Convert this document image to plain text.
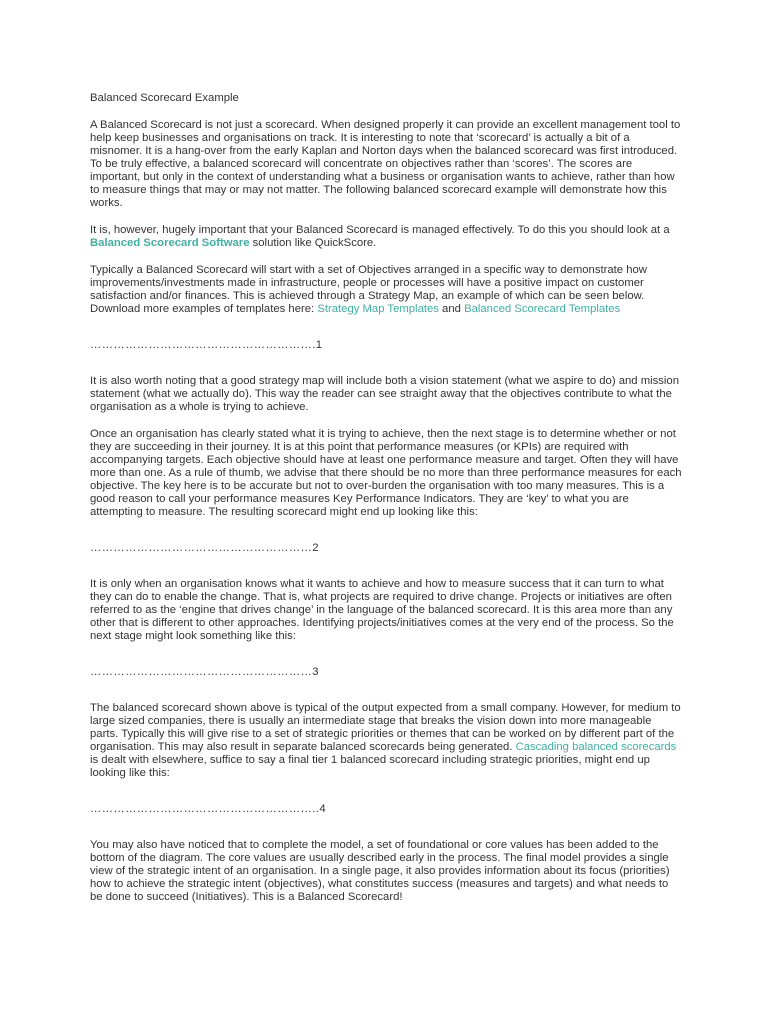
Balanced Scorecard Example

A Balanced Scorecard is not just a scorecard. When designed properly it can provide an excellent management tool to help keep businesses and organisations on track. It is interesting to note that ‘scorecard’ is actually a bit of a misnomer. It is a hang-over from the early Kaplan and Norton days when the balanced scorecard was first introduced. To be truly effective, a balanced scorecard will concentrate on objectives rather than ‘scores’. The scores are important, but only in the context of understanding what a business or organisation wants to achieve, rather than how to measure things that may or may not matter. The following balanced scorecard example will demonstrate how this works.

It is, however, hugely important that your Balanced Scorecard is managed effectively. To do this you should look at a Balanced Scorecard Software solution like QuickScore.

Typically a Balanced Scorecard will start with a set of Objectives arranged in a specific way to demonstrate how improvements/investments made in infrastructure, people or processes will have a positive impact on customer satisfaction and/or finances. This is achieved through a Strategy Map, an example of which can be seen below. Download more examples of templates here: Strategy Map Templates and Balanced Scorecard Templates

………………………………………………….1

It is also worth noting that a good strategy map will include both a vision statement (what we aspire to do) and mission statement (what we actually do). This way the reader can see straight away that the objectives contribute to what the organisation as a whole is trying to achieve.

Once an organisation has clearly stated what it is trying to achieve, then the next stage is to determine whether or not they are succeeding in their journey. It is at this point that performance measures (or KPIs) are required with accompanying targets. Each objective should have at least one performance measure and target. Often they will have more than one. As a rule of thumb, we advise that there should be no more than three performance measures for each objective. The key here is to be accurate but not to over-burden the organisation with too many measures. This is a good reason to call your performance measures Key Performance Indicators. They are ‘key’ to what you are attempting to measure. The resulting scorecard might end up looking like this:

…………………………………………………2

It is only when an organisation knows what it wants to achieve and how to measure success that it can turn to what they can do to enable the change. That is, what projects are required to drive change. Projects or initiatives are often referred to as the ‘engine that drives change’ in the language of the balanced scorecard. It is this area more than any other that is different to other approaches. Identifying projects/initiatives comes at the very end of the process. So the next stage might look something like this:

…………………………………………………3

The balanced scorecard shown above is typical of the output expected from a small company. However, for medium to large sized companies, there is usually an intermediate stage that breaks the vision down into more manageable parts. Typically this will give rise to a set of strategic priorities or themes that can be worked on by different part of the organisation. This may also result in separate balanced scorecards being generated. Cascading balanced scorecards is dealt with elsewhere, suffice to say a final tier 1 balanced scorecard including strategic priorities, might end up looking like this:

…………………………………………………..4

You may also have noticed that to complete the model, a set of foundational or core values has been added to the bottom of the diagram. The core values are usually described early in the process. The final model provides a single view of the strategic intent of an organisation. In a single page, it also provides information about its focus (priorities) how to achieve the strategic intent (objectives), what constitutes success (measures and targets) and what needs to be done to succeed (Initiatives). This is a Balanced Scorecard!
